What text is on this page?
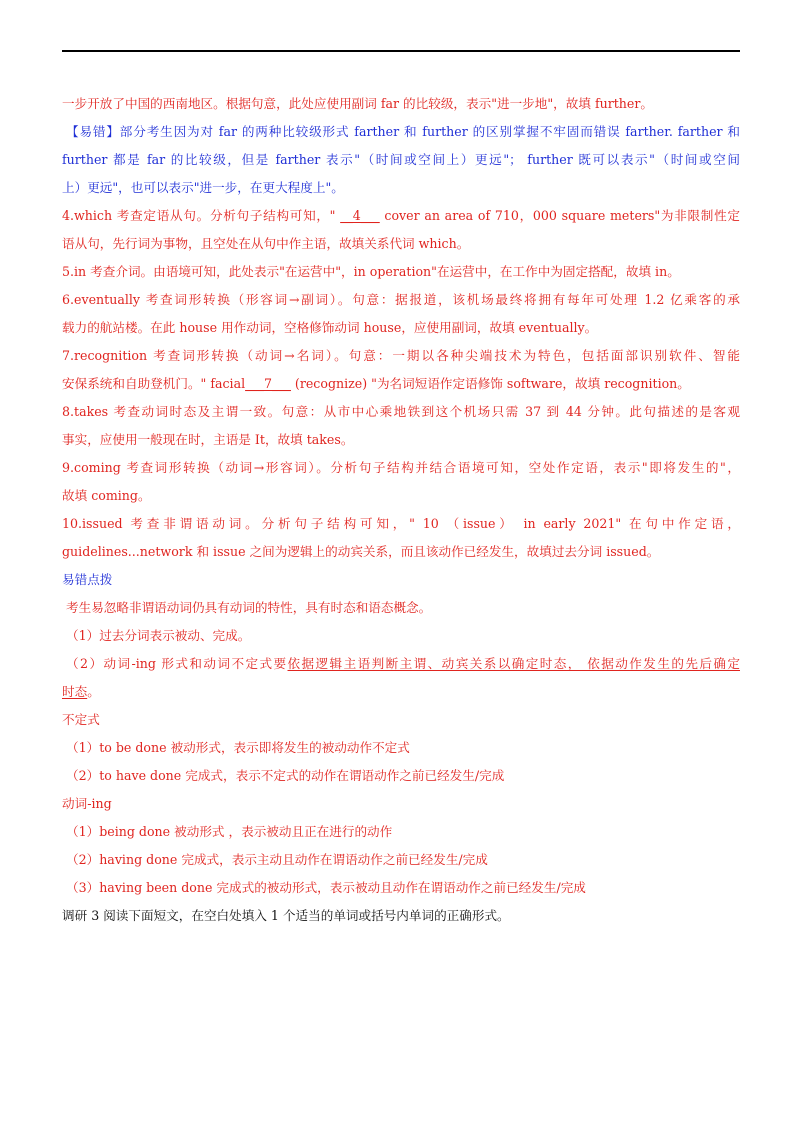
一步开放了中国的西南地区。根据句意，此处应使用副词 far 的比较级，表示"进一步地"，故填 further。
【易错】部分考生因为对 far 的两种比较级形式 farther 和 further 的区别掌握不牢固而错误 farther. farther 和
further 都是 far 的比较级，但是 farther 表示"（时间或空间上）更远"； further 既可以表示"（时间或空间
上）更远"，也可以表示"进一步，在更大程度上"。
4.which 考查定语从句。分析句子结构可知，" __4___ cover an area of 710，000 square meters"为非限制性定
语从句，先行词为事物，且空处在从句中作主语，故填关系代词 which。
5.in 考查介词。由语境可知，此处表示"在运营中"，in operation"在运营中，在工作中为固定搭配，故填 in。
6.eventually 考查词形转换（形容词→副词）。句意：据报道，该机场最终将拥有每年可处理 1.2 亿乘客的承
载力的航站楼。在此 house 用作动词，空格修饰动词 house，应使用副词，故填 eventually。
7.recognition 考查词形转换（动词→名词）。句意：一期以各种尖端技术为特色，包括面部识别软件、智能
安保系统和自助登机门。" facial___7___ (recognize) "为名词短语作定语修饰 software，故填 recognition。
8.takes 考查动词时态及主谓一致。句意：从市中心乘地铁到这个机场只需 37 到 44 分钟。此句描述的是客观
事实，应使用一般现在时，主语是 It，故填 takes。
9.coming 考查词形转换（动词→形容词）。分析句子结构并结合语境可知，空处作定语，表示"即将发生的"，
故填 coming。
10.issued 考查非谓语动词。分析句子结构可知，" 10 （issue） in early 2021" 在句中作定语，
guidelines...network 和 issue 之间为逻辑上的动宾关系，而且该动作已经发生，故填过去分词 issued。
易错点拨
考生易忽略非谓语动词仍具有动词的特性，具有时态和语态概念。
（1）过去分词表示被动、完成。
（2）动词-ing 形式和动词不定式要依据逻辑主语判断主谓、动宾关系以确定时态， 依据动作发生的先后确定
时态。
不定式
（1）to be done 被动形式，表示即将发生的被动动作不定式
（2）to have done 完成式，表示不定式的动作在谓语动作之前已经发生/完成
动词-ing
（1）being done 被动形式 ，表示被动且正在进行的动作
（2）having done 完成式，表示主动且动作在谓语动作之前已经发生/完成
（3）having been done 完成式的被动形式，表示被动且动作在谓语动作之前已经发生/完成
调研 3 阅读下面短文，在空白处填入 1 个适当的单词或括号内单词的正确形式。
